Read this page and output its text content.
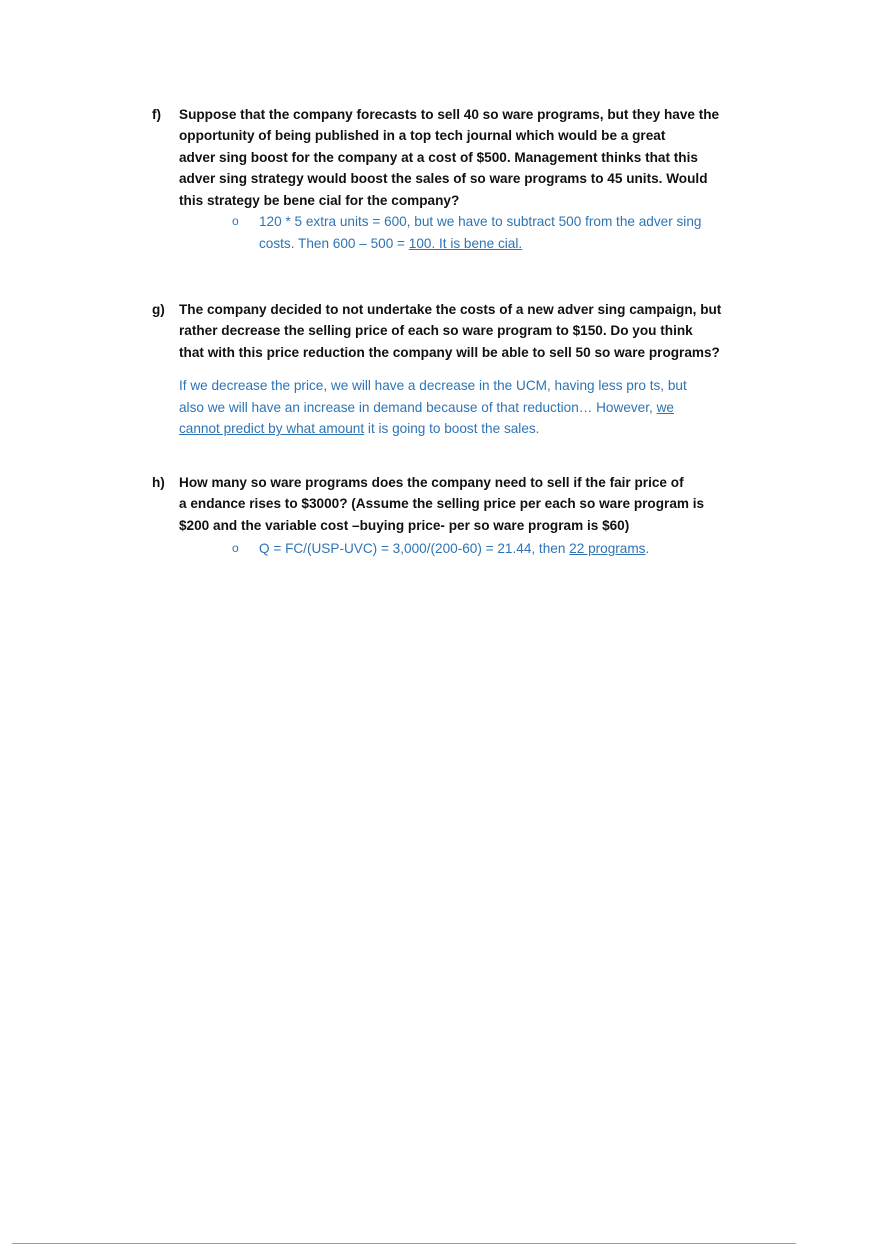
f) Suppose that the company forecasts to sell 40 so ware programs, but they have the
opportunity of being published in a top tech journal which would be a great
adver sing boost for the company at a cost of $500. Management thinks that this
adver sing strategy would boost the sales of so ware programs to 45 units. Would
this strategy be bene cial for the company?
o 120 * 5 extra units = 600, but we have to subtract 500 from the adver sing
costs. Then 600 – 500 = 100. It is bene cial.
g) The company decided to not undertake the costs of a new adver sing campaign, but
rather decrease the selling price of each so ware program to $150. Do you think
that with this price reduction the company will be able to sell 50 so ware programs?
If we decrease the price, we will have a decrease in the UCM, having less pro ts, but
also we will have an increase in demand because of that reduction… However, we
cannot predict by what amount it is going to boost the sales.
h) How many so ware programs does the company need to sell if the fair price of
a endance rises to $3000? (Assume the selling price per each so ware program is
$200 and the variable cost –buying price- per so ware program is $60)
o Q = FC/(USP-UVC) = 3,000/(200-60) = 21.44, then 22 programs.
